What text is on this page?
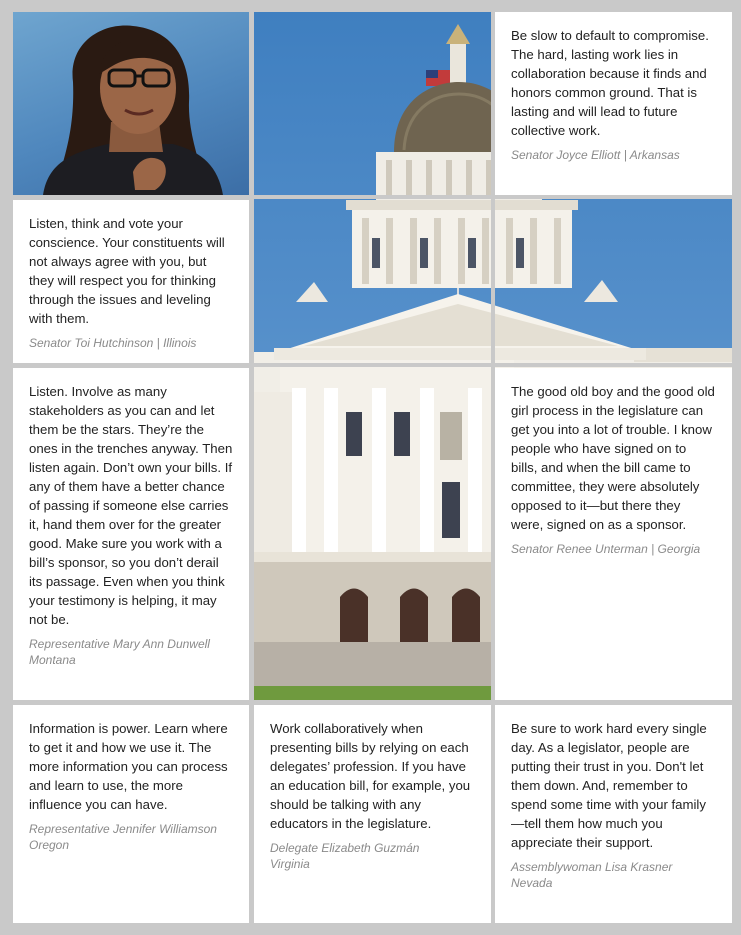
Be slow to default to compromise. The hard, lasting work lies in collaboration because it finds and honors common ground. That is lasting and will lead to future collective work.

Senator Joyce Elliott | Arkansas

Listen, think and vote your conscience. Your constituents will not always agree with you, but they will respect you for thinking through the issues and leveling with them.

Senator Toi Hutchinson | Illinois

Listen. Involve as many stakeholders as you can and let them be the stars. They’re the ones in the trenches anyway. Then listen again. Don’t own your bills. If any of them have a better chance of passing if someone else carries it, hand them over for the greater good. Make sure you work with a bill’s sponsor, so you don’t derail its passage. Even when you think your testimony is helping, it may not be.

Representative Mary Ann Dunwell
Montana

The good old boy and the good old girl process in the legislature can get you into a lot of trouble. I know people who have signed on to bills, and when the bill came to committee, they were absolutely opposed to it—but there they were, signed on as a sponsor.

Senator Renee Unterman | Georgia

Information is power. Learn where to get it and how we use it. The more information you can process and learn to use, the more influence you can have.

Representative Jennifer Williamson
Oregon

Work collaboratively when presenting bills by relying on each delegates’ profession. If you have an education bill, for example, you should be talking with any educators in the legislature.

Delegate Elizabeth Guzmán
Virginia

Be sure to work hard every single day. As a legislator, people are putting their trust in you. Don't let them down. And, remember to spend some time with your family—tell them how much you appreciate their support.

Assemblywoman Lisa Krasner
Nevada
